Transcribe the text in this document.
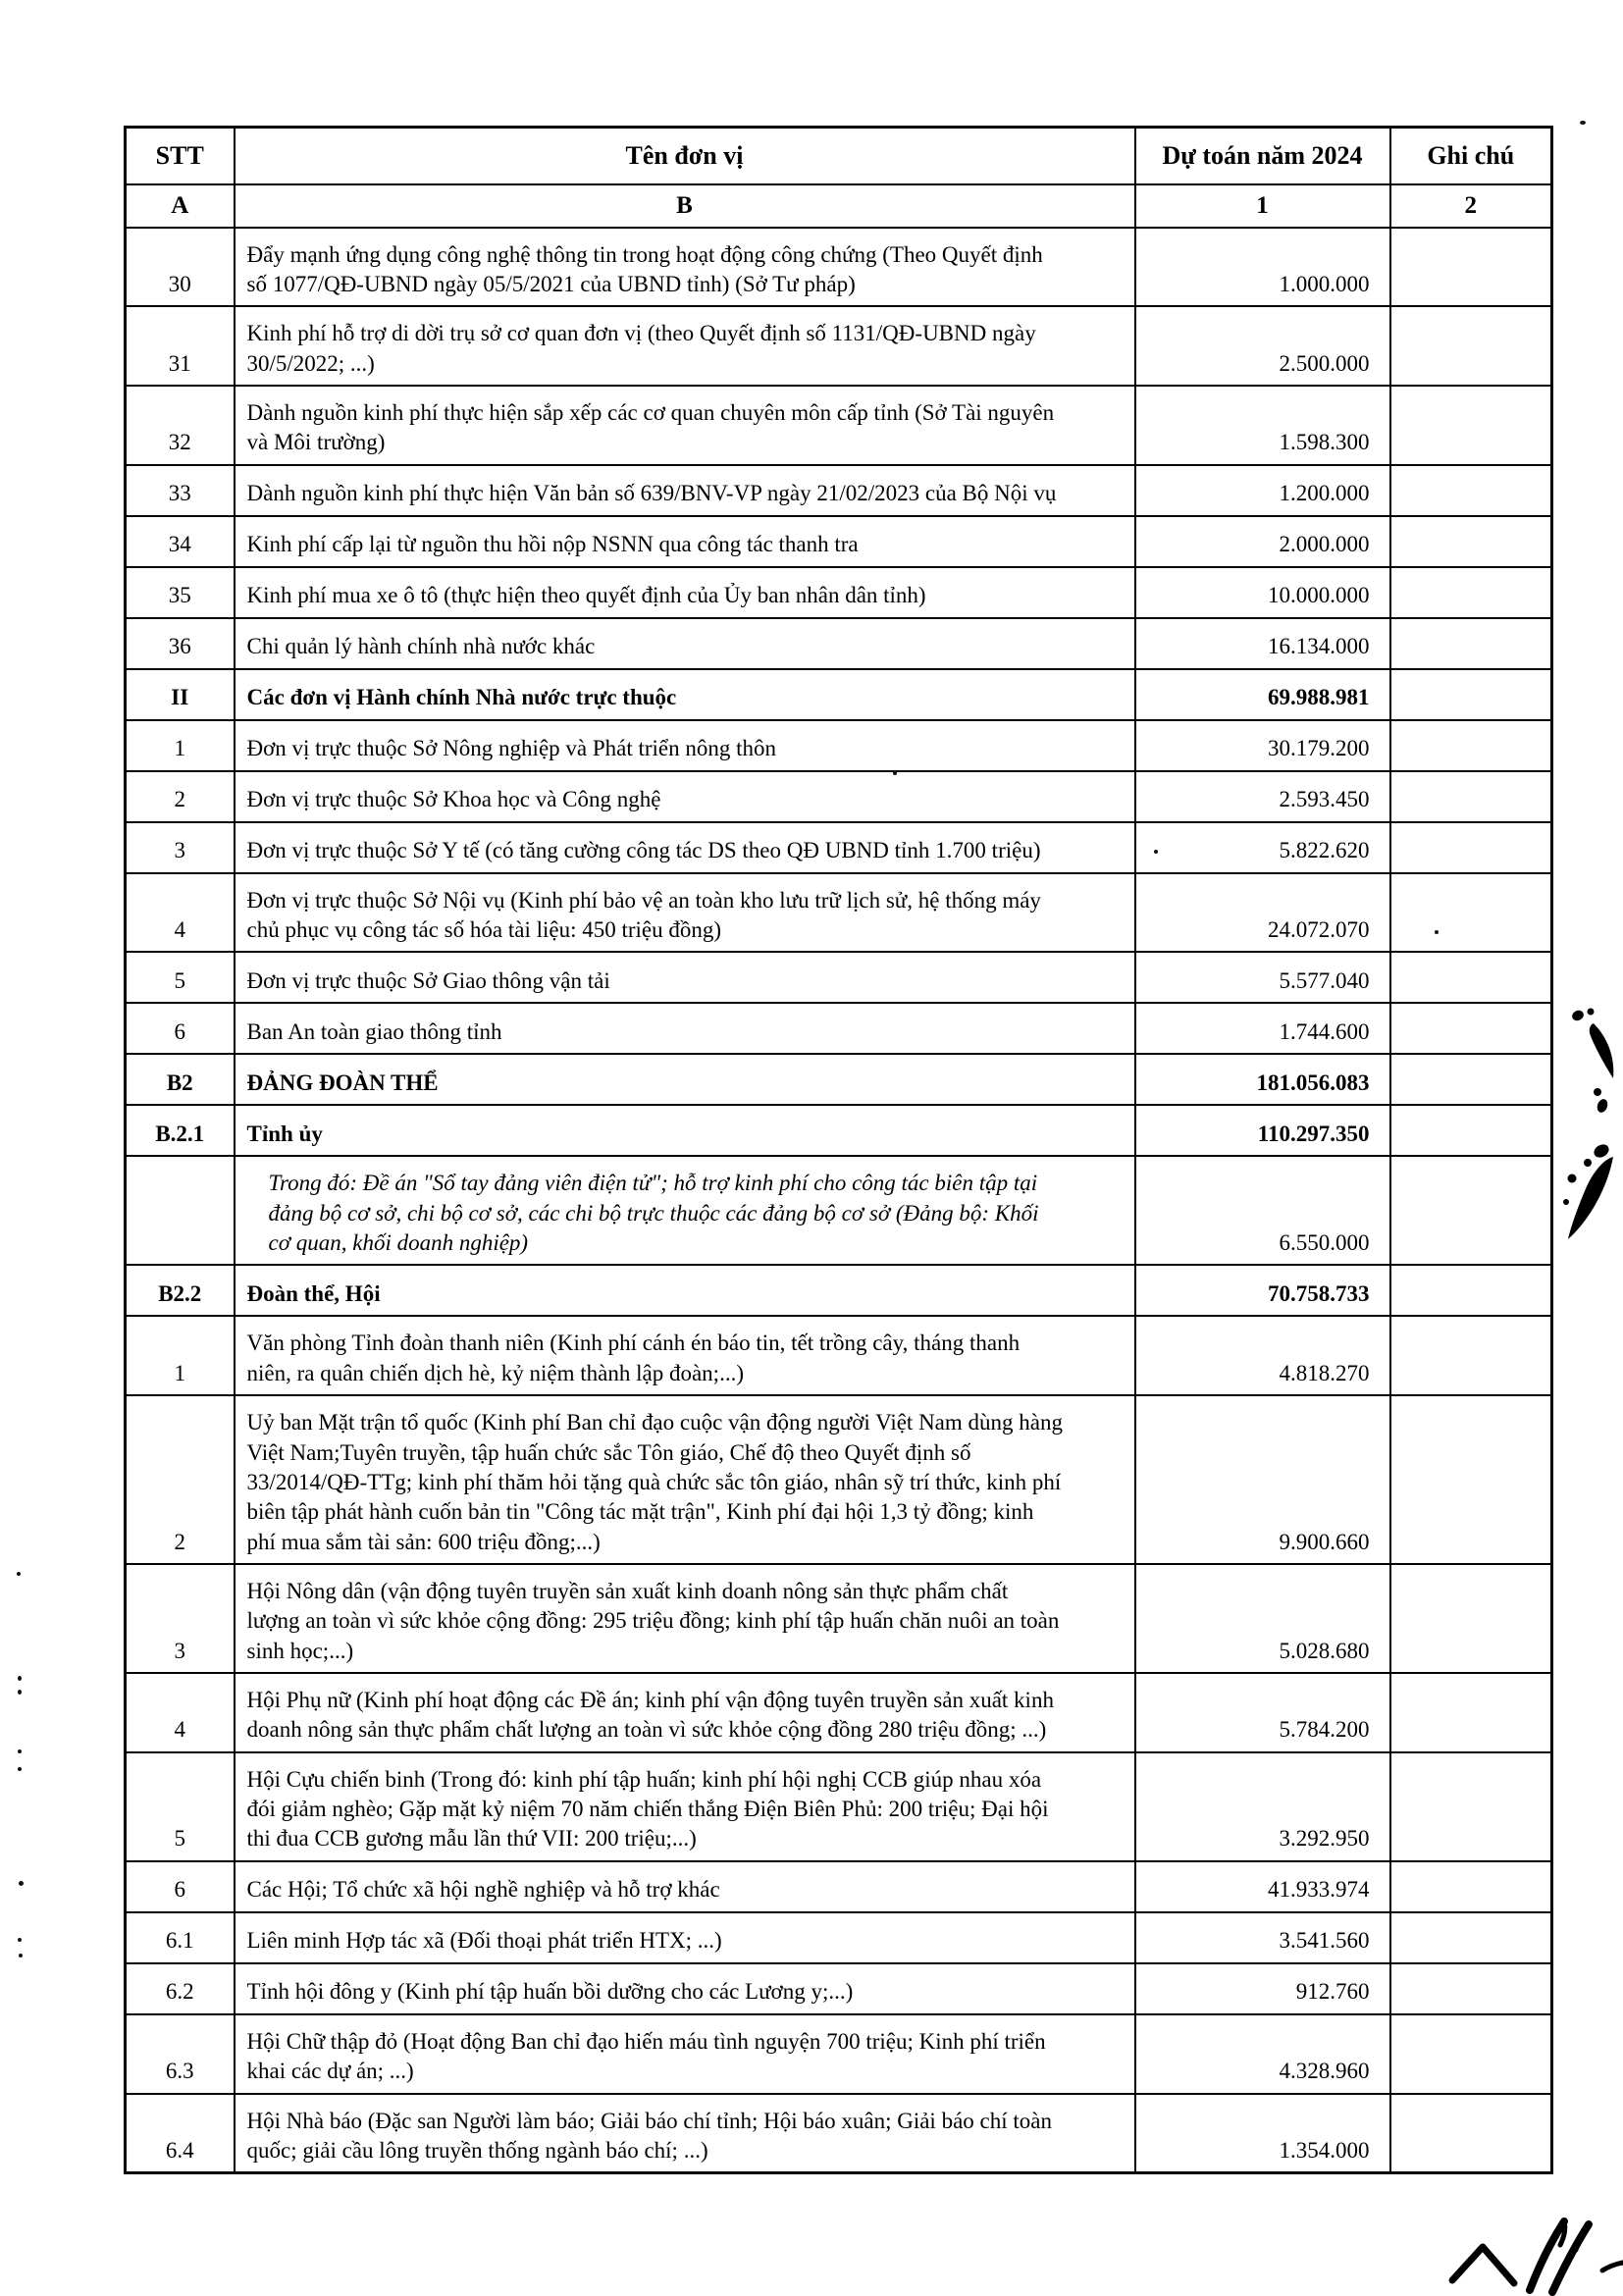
STT	Tên đơn vị	Dự toán năm 2024	Ghi chú
A	B	1	2
30	Đẩy mạnh ứng dụng công nghệ thông tin trong hoạt động công chứng (Theo Quyết định số 1077/QĐ-UBND ngày 05/5/2021 của UBND tỉnh) (Sở Tư pháp)	1.000.000	
31	Kinh phí hỗ trợ di dời trụ sở cơ quan đơn vị (theo Quyết định số 1131/QĐ-UBND ngày 30/5/2022; ...)	2.500.000	
32	Dành nguồn kinh phí thực hiện sắp xếp các cơ quan chuyên môn cấp tỉnh (Sở Tài nguyên và Môi trường)	1.598.300	
33	Dành nguồn kinh phí thực hiện Văn bản số 639/BNV-VP ngày 21/02/2023 của Bộ Nội vụ	1.200.000	
34	Kinh phí cấp lại từ nguồn thu hồi nộp NSNN qua công tác thanh tra	2.000.000	
35	Kinh phí mua xe ô tô (thực hiện theo quyết định của Ủy ban nhân dân tỉnh)	10.000.000	
36	Chi quản lý hành chính nhà nước khác	16.134.000	
II	Các đơn vị Hành chính Nhà nước trực thuộc	69.988.981	
1	Đơn vị trực thuộc Sở Nông nghiệp và Phát triển nông thôn	30.179.200	
2	Đơn vị trực thuộc Sở Khoa học và Công nghệ	2.593.450	
3	Đơn vị trực thuộc Sở Y tế (có tăng cường công tác DS theo QĐ UBND tỉnh 1.700 triệu)	5.822.620	
4	Đơn vị trực thuộc Sở Nội vụ (Kinh phí bảo vệ an toàn kho lưu trữ lịch sử, hệ thống máy chủ phục vụ công tác số hóa tài liệu: 450 triệu đồng)	24.072.070	
5	Đơn vị trực thuộc Sở Giao thông vận tải	5.577.040	
6	Ban An toàn giao thông tỉnh	1.744.600	
B2	ĐẢNG ĐOÀN THỂ	181.056.083	
B.2.1	Tỉnh ủy	110.297.350	
	Trong đó: Đề án "Sổ tay đảng viên điện tử"; hỗ trợ kinh phí cho công tác biên tập tại đảng bộ cơ sở, chi bộ cơ sở, các chi bộ trực thuộc các đảng bộ cơ sở (Đảng bộ: Khối cơ quan, khối doanh nghiệp)	6.550.000	
B2.2	Đoàn thể, Hội	70.758.733	
1	Văn phòng Tỉnh đoàn thanh niên (Kinh phí cánh én báo tin, tết trồng cây, tháng thanh niên, ra quân chiến dịch hè, kỷ niệm thành lập đoàn;...)	4.818.270	
2	Uỷ ban Mặt trận tổ quốc (Kinh phí Ban chỉ đạo cuộc vận động người Việt Nam dùng hàng Việt Nam;Tuyên truyền, tập huấn chức sắc Tôn giáo, Chế độ theo Quyết định số 33/2014/QĐ-TTg; kinh phí thăm hỏi tặng quà chức sắc tôn giáo, nhân sỹ trí thức, kinh phí biên tập phát hành cuốn bản tin "Công tác mặt trận", Kinh phí đại hội 1,3 tỷ đồng; kinh phí mua sắm tài sản: 600 triệu đồng;...)	9.900.660	
3	Hội Nông dân (vận động tuyên truyền sản xuất kinh doanh nông sản thực phẩm chất lượng an toàn vì sức khỏe cộng đồng: 295 triệu đồng; kinh phí tập huấn chăn nuôi an toàn sinh học;...)	5.028.680	
4	Hội Phụ nữ (Kinh phí hoạt động các Đề án; kinh phí vận động tuyên truyền sản xuất kinh doanh nông sản thực phẩm chất lượng an toàn vì sức khỏe cộng đồng 280 triệu đồng; ...)	5.784.200	
5	Hội Cựu chiến binh (Trong đó: kinh phí tập huấn; kinh phí hội nghị CCB giúp nhau xóa đói giảm nghèo; Gặp mặt kỷ niệm 70 năm chiến thắng Điện Biên Phủ: 200 triệu; Đại hội thi đua CCB gương mẫu lần thứ VII: 200 triệu;...)	3.292.950	
6	Các Hội; Tổ chức xã hội nghề nghiệp và hỗ trợ khác	41.933.974	
6.1	Liên minh Hợp tác xã (Đối thoại phát triển HTX; ...)	3.541.560	
6.2	Tỉnh hội đông y (Kinh phí tập huấn bồi dưỡng cho các Lương y;...)	912.760	
6.3	Hội Chữ thập đỏ (Hoạt động Ban chỉ đạo hiến máu tình nguyện 700 triệu; Kinh phí triển khai các dự án; ...)	4.328.960	
6.4	Hội Nhà báo (Đặc san Người làm báo; Giải báo chí tỉnh; Hội báo xuân; Giải báo chí toàn quốc; giải cầu lông truyền thống ngành báo chí; ...)	1.354.000	
